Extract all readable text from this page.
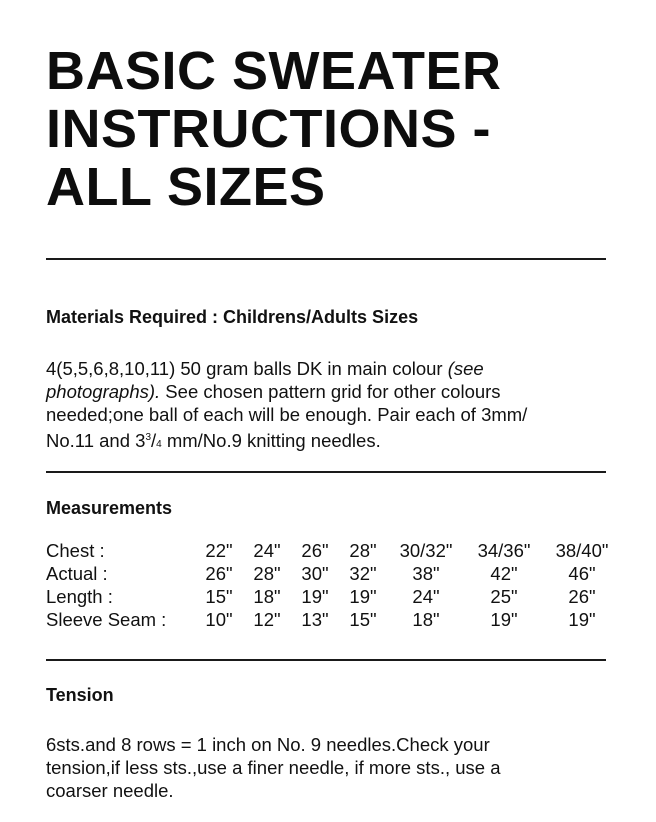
BASIC SWEATER
INSTRUCTIONS -
ALL SIZES
Materials Required : Childrens/Adults Sizes
4(5,5,6,8,10,11) 50 gram balls DK in main colour (see
photographs). See chosen pattern grid for other colours
needed;one ball of each will be enough. Pair each of 3mm/
No.11 and $3^3/4$ mm/No.9 knitting needles.
Measurements
Chest :	22"	24"	26"	28"	30/32"	34/36"	38/40"
Actual :	26"	28"	30"	32"	38"	42"	46"
Length :	15"	18"	19"	19"	24"	25"	26"
Sleeve Seam :	10"	12"	13"	15"	18"	19"	19"
Tension
6sts.and 8 rows = 1 inch on No. 9 needles.Check your
tension,if less sts.,use a finer needle, if more sts., use a
coarser needle.
